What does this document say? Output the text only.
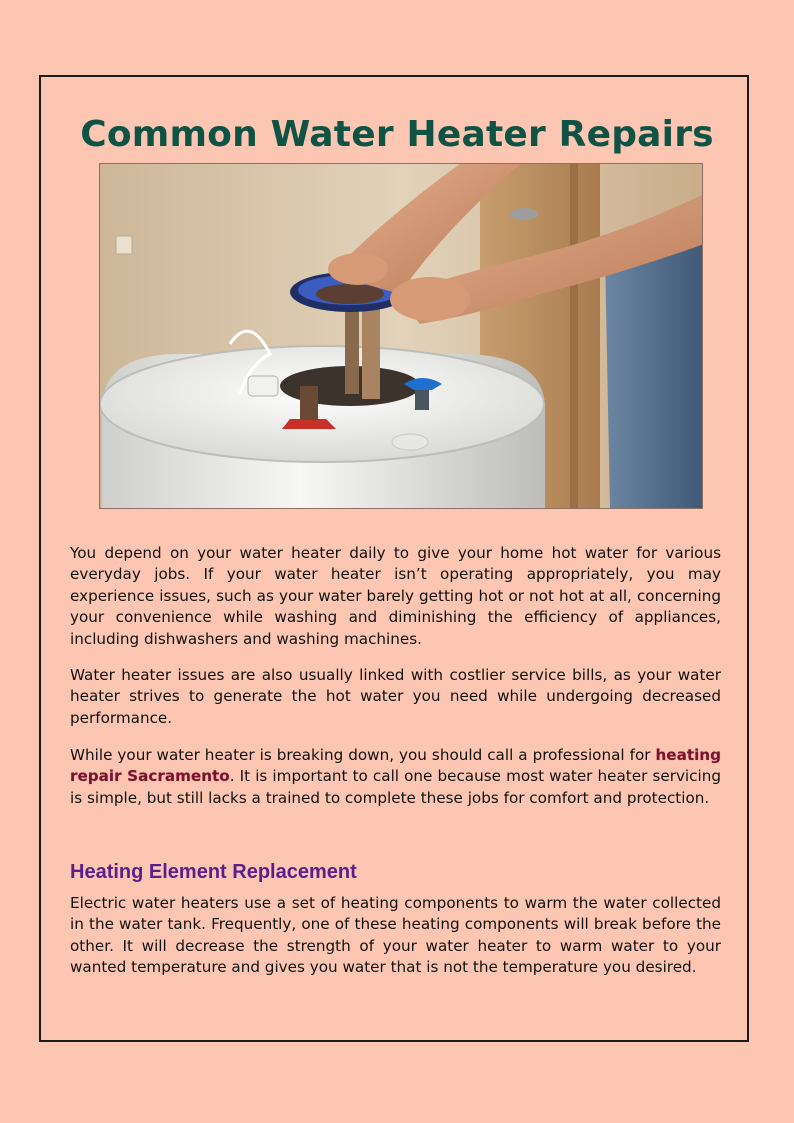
Common Water Heater Repairs

You depend on your water heater daily to give your home hot water for various everyday jobs. If your water heater isn’t operating appropriately, you may experience issues, such as your water barely getting hot or not hot at all, concerning your convenience while washing and diminishing the efficiency of appliances, including dishwashers and washing machines.

Water heater issues are also usually linked with costlier service bills, as your water heater strives to generate the hot water you need while undergoing decreased performance.

While your water heater is breaking down, you should call a professional for heating repair Sacramento. It is important to call one because most water heater servicing is simple, but still lacks a trained to complete these jobs for comfort and protection.

Heating Element Replacement

Electric water heaters use a set of heating components to warm the water collected in the water tank. Frequently, one of these heating components will break before the other. It will decrease the strength of your water heater to warm water to your wanted temperature and gives you water that is not the temperature you desired.
